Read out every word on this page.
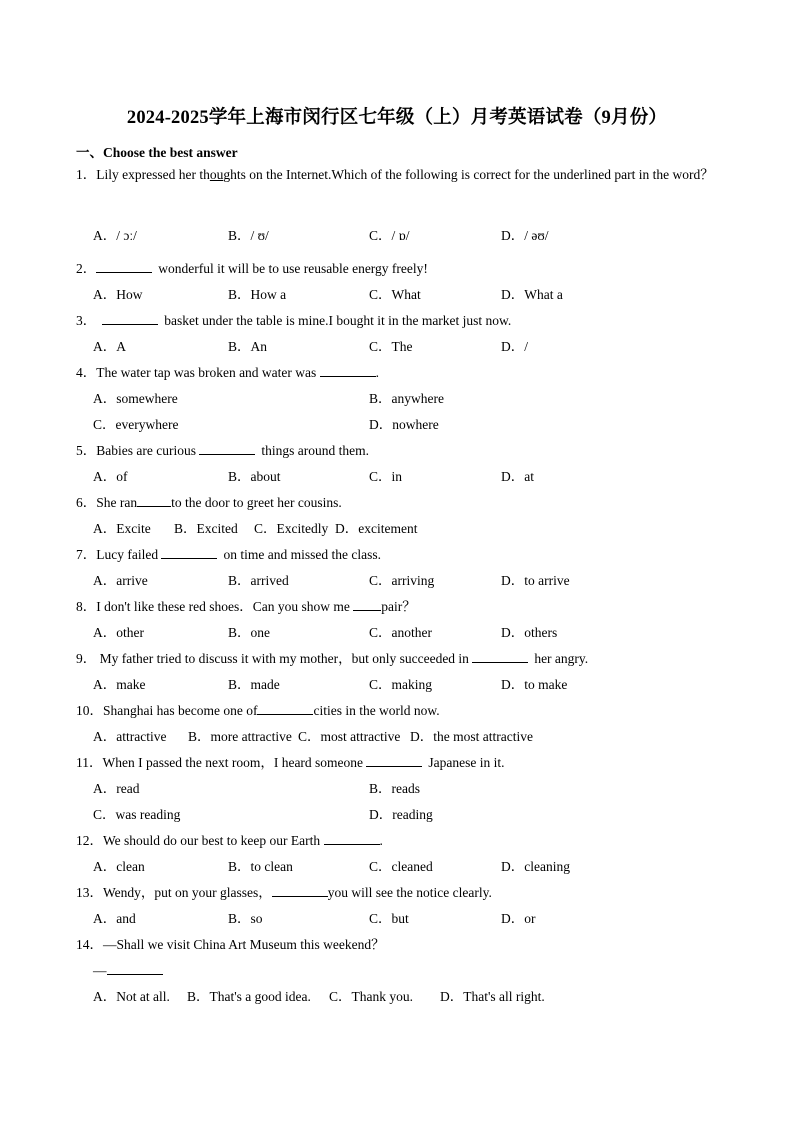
2024-2025学年上海市闵行区七年级（上）月考英语试卷（9月份）
一、Choose the best answer
1．Lily expressed her thoughts on the Internet.Which of the following is correct for the underlined part in the word？
A．/ ɔː/	B．/ ʊ/	C．/ ɒ/	D．/ əʊ/
2．	wonderful it will be to use reusable energy freely!
A．How	B．How a	C．What	D．What a
3．	basket under the table is mine.I bought it in the market just now.
A．A	B．An	C．The	D．/
4．The water tap was broken and water was	.
A．somewhere	B．anywhere
C．everywhere	D．nowhere
5．Babies are curious	things around them.
A．of	B．about	C．in	D．at
6．She ran	to the door to greet her cousins.
A．Excite B．Excited C．Excitedly D．excitement
7．Lucy failed	on time and missed the class.
A．arrive	B．arrived	C．arriving	D．to arrive
8．I don't like these red shoes．Can you show me pair？
A．other	B．one	C．another	D．others
9． My father tried to discuss it with my mother，but only succeeded in	her angry.
A．make	B．made	C．making	D．to make
10．Shanghai has become one of	cities in the world now.
A．attractive B．more attractive C．most attractive D．the most attractive
11．When I passed the next room，I heard someone	Japanese in it.
A．read	B．reads
C．was reading	D．reading
12．We should do our best to keep our Earth	.
A．clean	B．to clean	C．cleaned	D．cleaning
13．Wendy，put on your glasses，	you will see the notice clearly.
A．and	B．so	C．but	D．or
14．—Shall we visit China Art Museum this weekend？
—
A．Not at all. B．That's a good idea. C．Thank you. D．That's all right.
